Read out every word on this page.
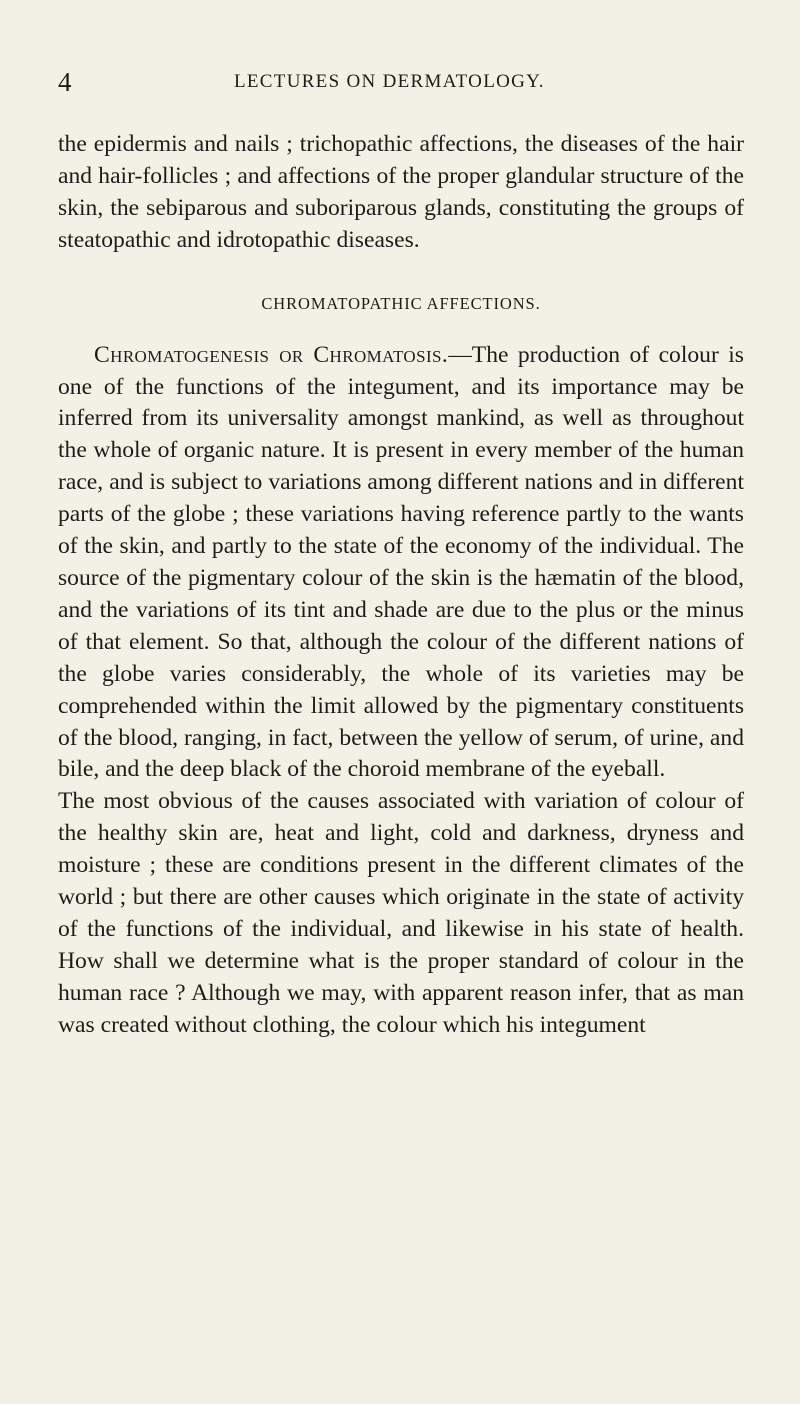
4	LECTURES ON DERMATOLOGY.

the epidermis and nails ; trichopathic affections, the diseases of the hair and hair-follicles ; and affections of the proper glandular structure of the skin, the sebiparous and suboriparous glands, constituting the groups of steatopathic and idrotopathic diseases.

CHROMATOPATHIC AFFECTIONS.

Chromatogenesis or Chromatosis.—The production of colour is one of the functions of the integument, and its importance may be inferred from its universality amongst mankind, as well as throughout the whole of organic nature. It is present in every member of the human race, and is subject to variations among different nations and in different parts of the globe ; these variations having reference partly to the wants of the skin, and partly to the state of the economy of the individual. The source of the pigmentary colour of the skin is the hæmatin of the blood, and the variations of its tint and shade are due to the plus or the minus of that element. So that, although the colour of the different nations of the globe varies considerably, the whole of its varieties may be comprehended within the limit allowed by the pigmentary constituents of the blood, ranging, in fact, between the yellow of serum, of urine, and bile, and the deep black of the choroid membrane of the eyeball.

The most obvious of the causes associated with variation of colour of the healthy skin are, heat and light, cold and darkness, dryness and moisture ; these are conditions present in the different climates of the world ; but there are other causes which originate in the state of activity of the functions of the individual, and likewise in his state of health. How shall we determine what is the proper standard of colour in the human race ? Although we may, with apparent reason infer, that as man was created without clothing, the colour which his integument
